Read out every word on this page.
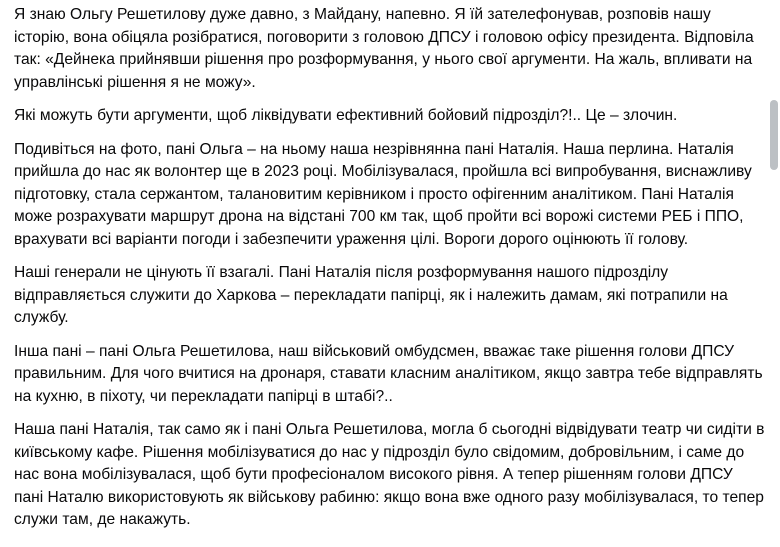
Я знаю Ольгу Решетилову дуже давно, з Майдану, напевно. Я їй зателефонував, розповів нашу історію, вона обіцяла розібратися, поговорити з головою ДПСУ і головою офісу президента. Відповіла так: «Дейнека прийнявши рішення про розформування, у нього свої аргументи. На жаль, впливати на управлінські рішення я не можу».

Які можуть бути аргументи, щоб ліквідувати ефективний бойовий підрозділ?!.. Це – злочин.

Подивіться на фото, пані Ольга – на ньому наша незрівнянна пані Наталія. Наша перлина. Наталія прийшла до нас як волонтер ще в 2023 році. Мобілізувалася, пройшла всі випробування, виснажливу підготовку, стала сержантом, талановитим керівником і просто офігенним аналітиком. Пані Наталія може розрахувати маршрут дрона на відстані 700 км так, щоб пройти всі ворожі системи РЕБ і ППО, врахувати всі варіанти погоди і забезпечити ураження цілі. Вороги дорого оцінюють її голову.

Наші генерали не цінують її взагалі. Пані Наталія після розформування нашого підрозділу відправляється служити до Харкова – перекладати папірці, як і належить дамам, які потрапили на службу.

Інша пані – пані Ольга Решетилова, наш військовий омбудсмен, вважає таке рішення голови ДПСУ правильним. Для чого вчитися на дронаря, ставати класним аналітиком, якщо завтра тебе відправлять на кухню, в піхоту, чи перекладати папірці в штабі?..

Наша пані Наталія, так само як і пані Ольга Решетилова, могла б сьогодні відвідувати театр чи сидіти в київському кафе. Рішення мобілізуватися до нас у підрозділ було свідомим, добровільним, і саме до нас вона мобілізувалася, щоб бути професіоналом високого рівня. А тепер рішенням голови ДПСУ пані Наталю використовують як військову рабиню: якщо вона вже одного разу мобілізувалася, то тепер служи там, де накажуть.
